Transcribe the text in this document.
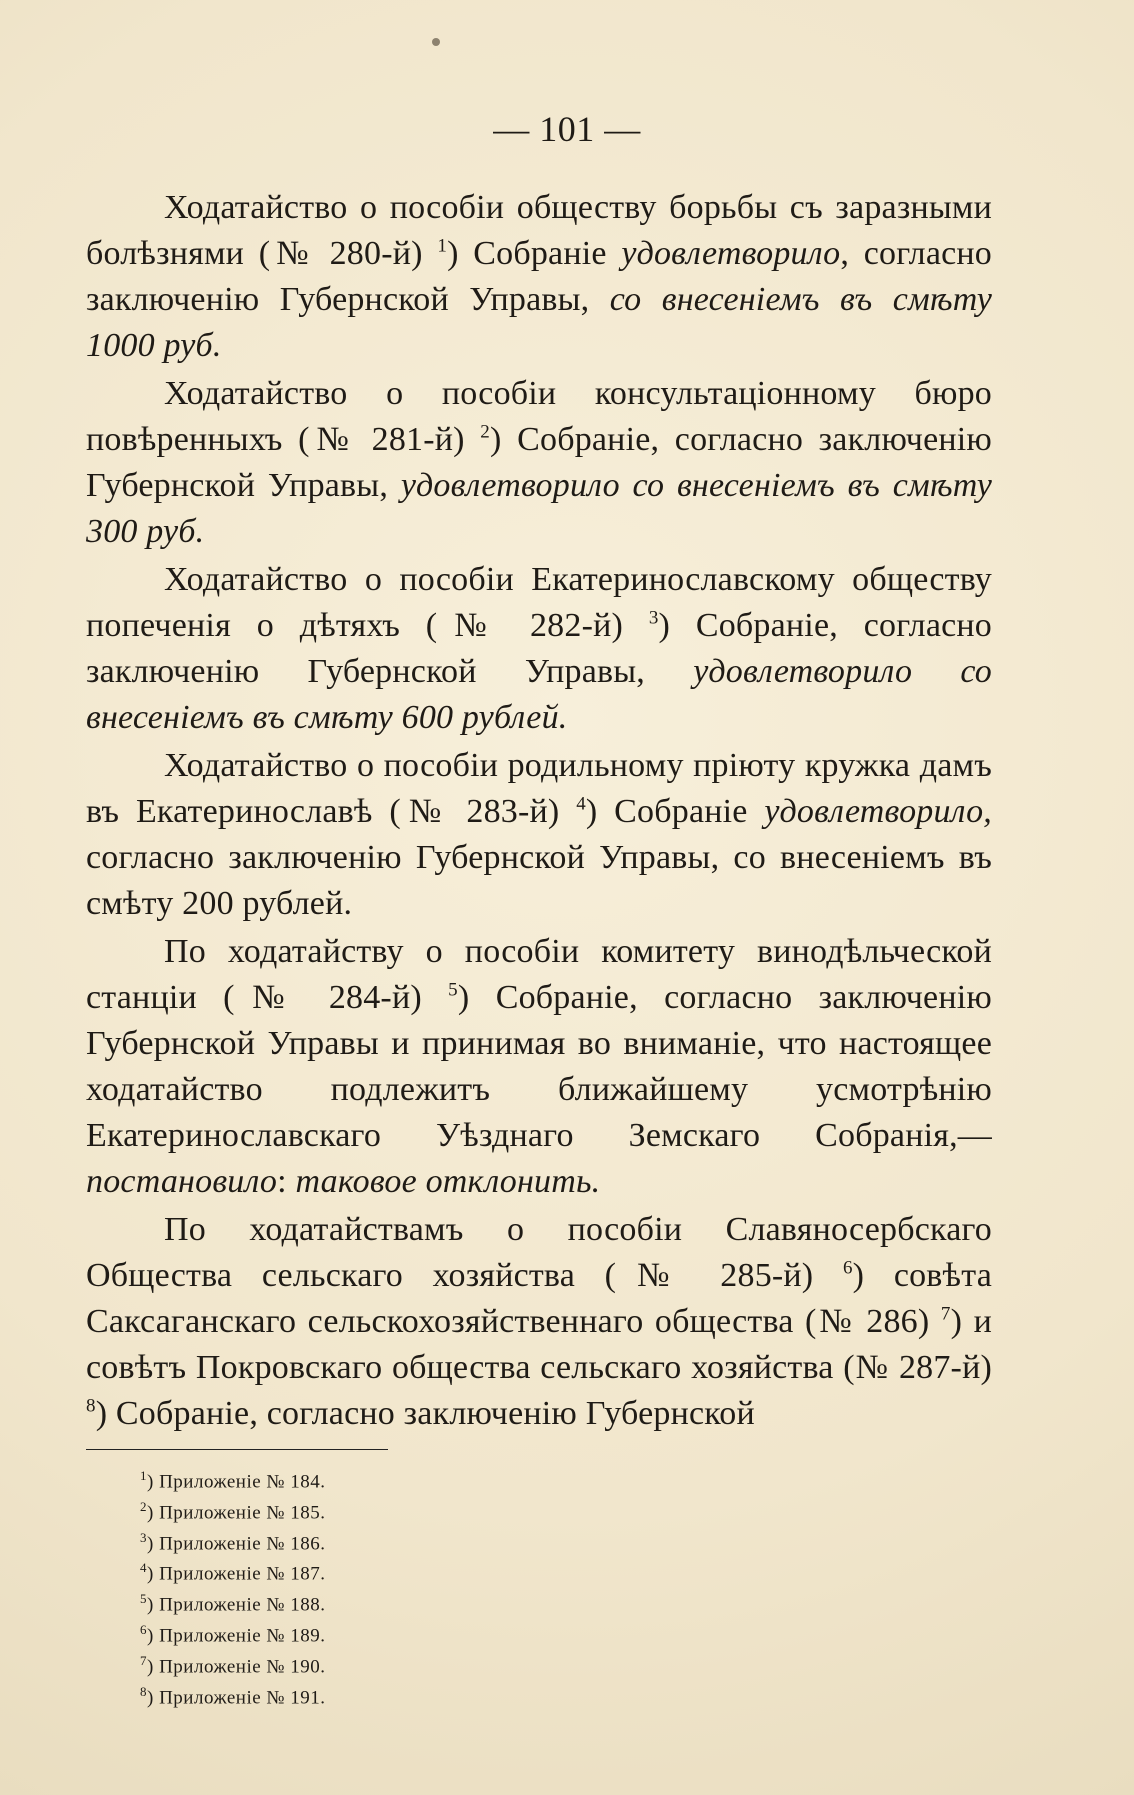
— 101 —

Ходатайство о пособіи обществу борьбы съ заразными болѣзнями (№ 280-й) $^1$) Собраніе удовлетворило, согласно заключенію Губернской Управы, со внесеніемъ въ смѣту 1000 руб.

Ходатайство о пособіи консультаціонному бюро повѣренныхъ (№ 281-й) $^2$) Собраніе, согласно заключенію Губернской Управы, удовлетворило со внесеніемъ въ смѣту 300 руб.

Ходатайство о пособіи Екатеринославскому обществу попеченія о дѣтяхъ (№ 282-й) $^3$) Собраніе, согласно заключенію Губернской Управы, удовлетворило со внесеніемъ въ смѣту 600 рублей.

Ходатайство о пособіи родильному пріюту кружка дамъ въ Екатеринославѣ (№ 283-й) $^4$) Собраніе удовлетворило, согласно заключенію Губернской Управы, со внесеніемъ въ смѣту 200 рублей.

По ходатайству о пособіи комитету винодѣльческой станціи (№ 284-й) $^5$) Собраніе, согласно заключенію Губернской Управы и принимая во вниманіе, что настоящее ходатайство подлежитъ ближайшему усмотрѣнію Екатеринославскаго Уѣзднаго Земскаго Собранія,— постановило: таковое отклонить.

По ходатайствамъ о пособіи Славяносербскаго Общества сельскаго хозяйства (№ 285-й) $^6$) совѣта Саксаганскаго сельскохозяйственнаго общества (№ 286) $^7$) и совѣтъ Покровскаго общества сельскаго хозяйства (№ 287-й) $^8$) Собраніе, согласно заключенію Губернской

$^1$) Приложеніе № 184.
$^2$) Приложеніе № 185.
$^3$) Приложеніе № 186.
$^4$) Приложеніе № 187.
$^5$) Приложеніе № 188.
$^6$) Приложеніе № 189.
$^7$) Приложеніе № 190.
$^8$) Приложеніе № 191.
